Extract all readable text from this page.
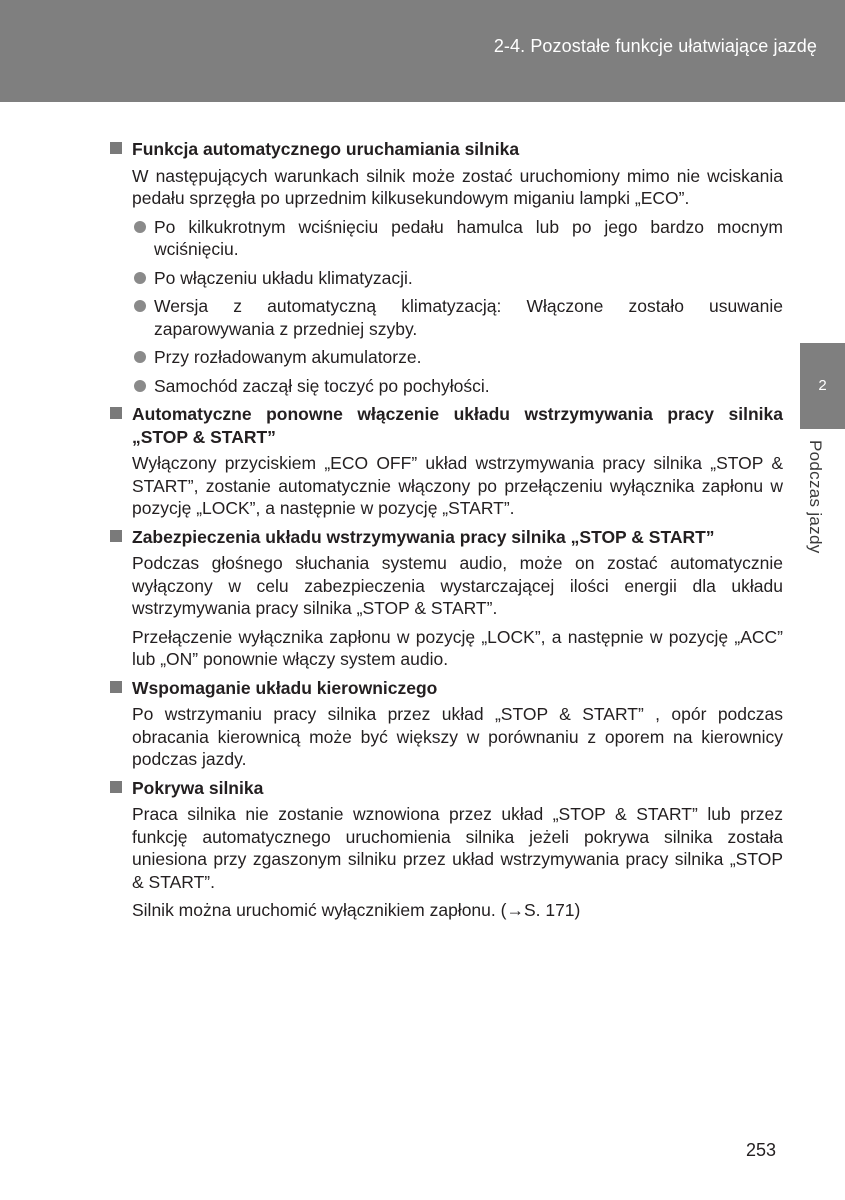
2-4. Pozostałe funkcje ułatwiające jazdę
2
Podczas jazdy
Funkcja automatycznego uruchamiania silnika
W następujących warunkach silnik może zostać uruchomiony mimo nie wciskania pedału sprzęgła po uprzednim kilkusekundowym miganiu lampki „ECO”.
Po kilkukrotnym wciśnięciu pedału hamulca lub po jego bardzo mocnym wciśnięciu.
Po włączeniu układu klimatyzacji.
Wersja z automatyczną klimatyzacją: Włączone zostało usuwanie zaparowywania z przedniej szyby.
Przy rozładowanym akumulatorze.
Samochód zaczął się toczyć po pochyłości.
Automatyczne ponowne włączenie układu wstrzymywania pracy silnika „STOP & START”
Wyłączony przyciskiem „ECO OFF” układ wstrzymywania pracy silnika „STOP & START”, zostanie automatycznie włączony po przełączeniu wyłącznika zapłonu w pozycję „LOCK”, a następnie w pozycję „START”.
Zabezpieczenia układu wstrzymywania pracy silnika „STOP & START”
Podczas głośnego słuchania systemu audio, może on zostać automatycznie wyłączony w celu zabezpieczenia wystarczającej ilości energii dla układu wstrzymywania pracy silnika „STOP & START”.
Przełączenie wyłącznika zapłonu w pozycję „LOCK”, a następnie w pozycję „ACC” lub „ON” ponownie włączy system audio.
Wspomaganie układu kierowniczego
Po wstrzymaniu pracy silnika przez układ „STOP & START” , opór podczas obracania kierownicą może być większy w porównaniu z oporem na kierownicy podczas jazdy.
Pokrywa silnika
Praca silnika nie zostanie wznowiona przez układ „STOP & START” lub przez funkcję automatycznego uruchomienia silnika jeżeli pokrywa silnika została uniesiona przy zgaszonym silniku przez układ wstrzymywania pracy silnika „STOP & START”.
Silnik można uruchomić wyłącznikiem zapłonu. (→S. 171)
253
